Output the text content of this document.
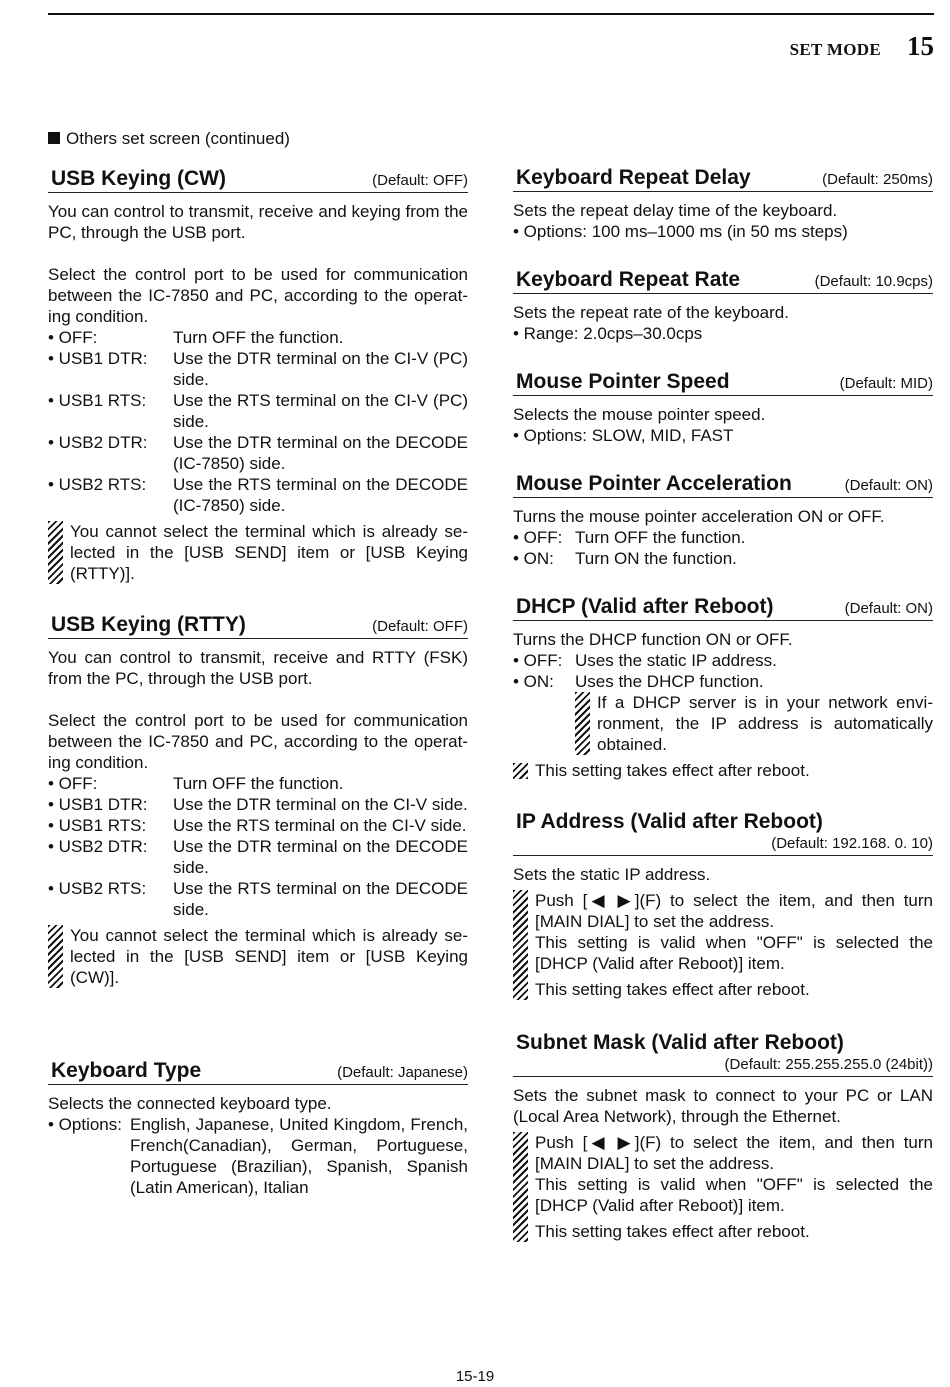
SET MODE 15
Others set screen (continued)
USB Keying (CW)	(Default: OFF)

You can control to transmit, receive and keying from the PC, through the USB port.

Select the control port to be used for communication between the IC-7850 and PC, according to the operat-ing condition.

• OFF:	Turn OFF the function.
• USB1 DTR:	Use the DTR terminal on the CI-V (PC) side.
• USB1 RTS:	Use the RTS terminal on the CI-V (PC) side.
• USB2 DTR:	Use the DTR terminal on the DECODE (IC-7850) side.
• USB2 RTS:	Use the RTS terminal on the DECODE (IC-7850) side.
You cannot select the terminal which is already se-lected in the [USB SEND] item or [USB Keying (RTTY)].
USB Keying (RTTY)	(Default: OFF)

You can control to transmit, receive and RTTY (FSK) from the PC, through the USB port.

Select the control port to be used for communication between the IC-7850 and PC, according to the operat-ing condition.

• OFF:	Turn OFF the function.
• USB1 DTR:	Use the DTR terminal on the CI-V side.
• USB1 RTS:	Use the RTS terminal on the CI-V side.
• USB2 DTR:	Use the DTR terminal on the DECODE side.
• USB2 RTS:	Use the RTS terminal on the DECODE side.
You cannot select the terminal which is already se-lected in the [USB SEND] item or [USB Keying (CW)].
Keyboard Type	(Default: Japanese)

Selects the connected keyboard type.

• Options: English, Japanese, United Kingdom, French, French(Canadian), German, Portuguese, Portuguese (Brazilian), Spanish, Spanish (Latin American), Italian
Keyboard Repeat Delay	(Default: 250ms)

Sets the repeat delay time of the keyboard.

• Options: 100 ms–1000 ms (in 50 ms steps)

Keyboard Repeat Rate	(Default: 10.9cps)

Sets the repeat rate of the keyboard.

• Range: 2.0cps–30.0cps

Mouse Pointer Speed	(Default: MID)

Selects the mouse pointer speed.

• Options: SLOW, MID, FAST

Mouse Pointer Acceleration	(Default: ON)

Turns the mouse pointer acceleration ON or OFF.

• OFF: Turn OFF the function.
• ON:	Turn ON the function.
DHCP (Valid after Reboot)	(Default: ON)

Turns the DHCP function ON or OFF.

• OFF: Uses the static IP address.
• ON:	Uses the DHCP function.
If a DHCP server is in your network envi-ronment, the IP address is automatically obtained.
This setting takes effect after reboot.
IP Address (Valid after Reboot)
(Default: 192.168. 0. 10)

Sets the static IP address.

Push [◀ ▶](F) to select the item, and then turn [MAIN DIAL] to set the address.
This setting is valid when "OFF" is selected the [DHCP (Valid after Reboot)] item.
This setting takes effect after reboot.
Subnet Mask (Valid after Reboot)
(Default: 255.255.255.0 (24bit))

Sets the subnet mask to connect to your PC or LAN (Local Area Network), through the Ethernet.

Push [◀ ▶](F) to select the item, and then turn [MAIN DIAL] to set the address.
This setting is valid when "OFF" is selected the [DHCP (Valid after Reboot)] item.
This setting takes effect after reboot.
15-19
